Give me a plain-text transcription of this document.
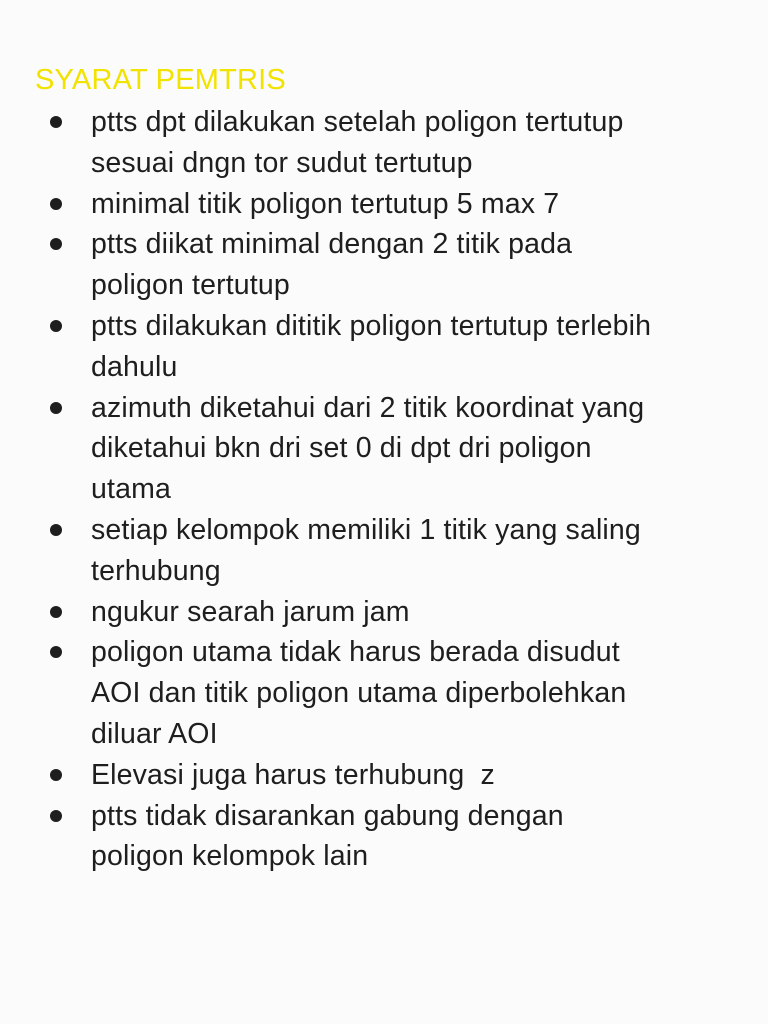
SYARAT PEMTRIS
ptts dpt dilakukan setelah poligon tertutup
sesuai dngn tor sudut tertutup
minimal titik poligon tertutup 5 max 7
ptts diikat minimal dengan 2 titik pada
poligon tertutup
ptts dilakukan dititik poligon tertutup terlebih
dahulu
azimuth diketahui dari 2 titik koordinat yang
diketahui bkn dri set 0 di dpt dri poligon
utama
setiap kelompok memiliki 1 titik yang saling
terhubung
ngukur searah jarum jam
poligon utama tidak harus berada disudut
AOI dan titik poligon utama diperbolehkan
diluar AOI
Elevasi juga harus terhubung  z
ptts tidak disarankan gabung dengan
poligon kelompok lain
